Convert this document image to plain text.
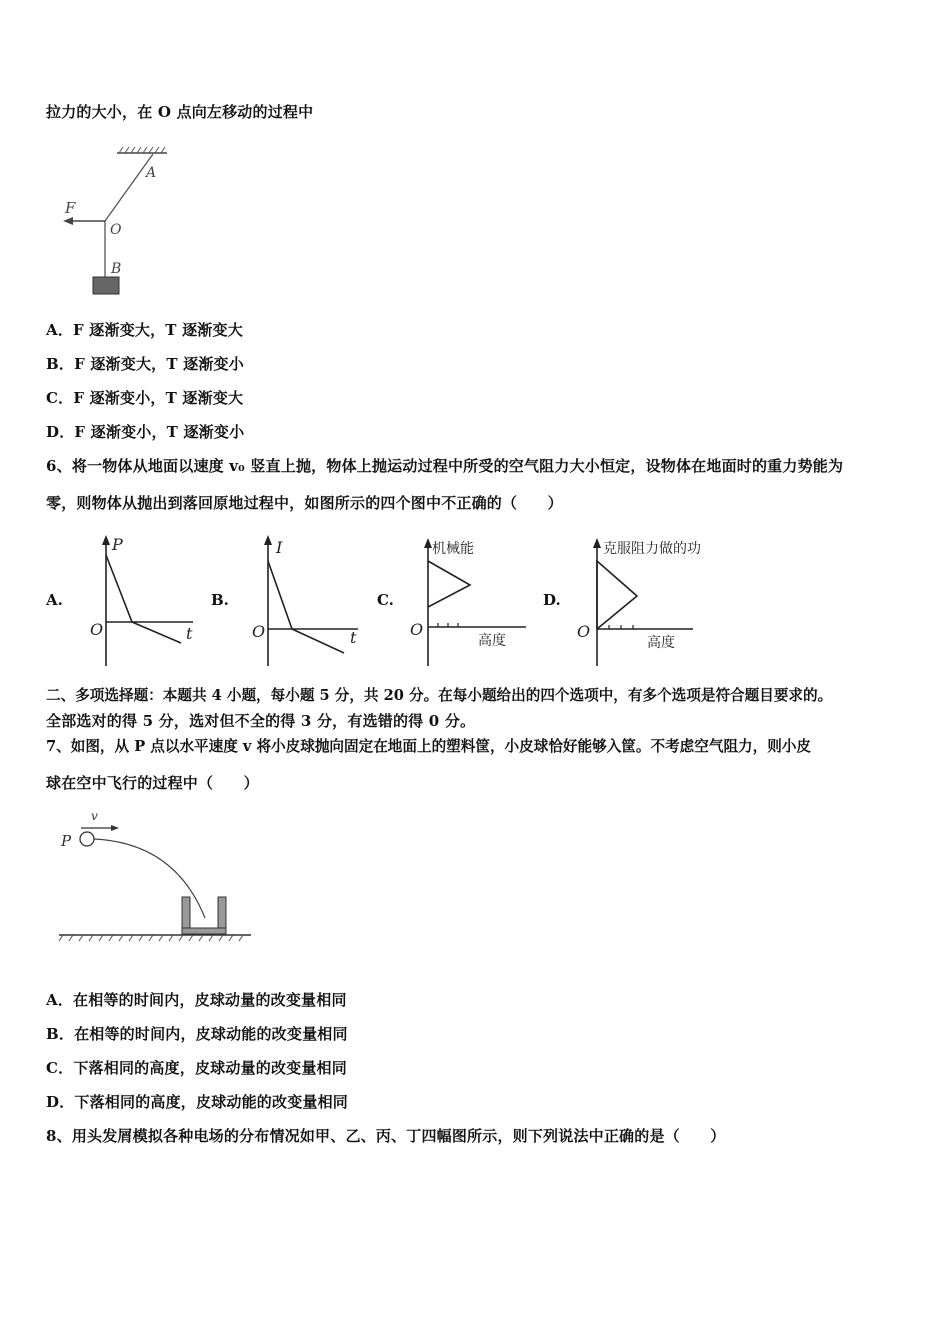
拉力的大小，在 O 点向左移动的过程中
F
A
O
B
A．F 逐渐变大，T 逐渐变大
B．F 逐渐变大，T 逐渐变小
C．F 逐渐变小，T 逐渐变大
D．F 逐渐变小，T 逐渐变小
6、将一物体从地面以速度 v₀ 竖直上抛，物体上抛运动过程中所受的空气阻力大小恒定，设物体在地面时的重力势能为
零，则物体从抛出到落回原地过程中，如图所示的四个图中不正确的（　　）
A.	B.	C.	D.
P
t
O
I
t
O
机械能
高度
O
克服阻力做的功
高度
O
二、多项选择题：本题共 4 小题，每小题 5 分，共 20 分。在每小题给出的四个选项中，有多个选项是符合题目要求的。
全部选对的得 5 分，选对但不全的得 3 分，有选错的得 0 分。
7、如图，从 P 点以水平速度 v 将小皮球抛向固定在地面上的塑料筐，小皮球恰好能够入筐。不考虑空气阻力，则小皮
球在空中飞行的过程中（　　）
v
P
A．在相等的时间内，皮球动量的改变量相同
B．在相等的时间内，皮球动能的改变量相同
C．下落相同的高度，皮球动量的改变量相同
D．下落相同的高度，皮球动能的改变量相同
8、用头发屑模拟各种电场的分布情况如甲、乙、丙、丁四幅图所示，则下列说法中正确的是（　　）
